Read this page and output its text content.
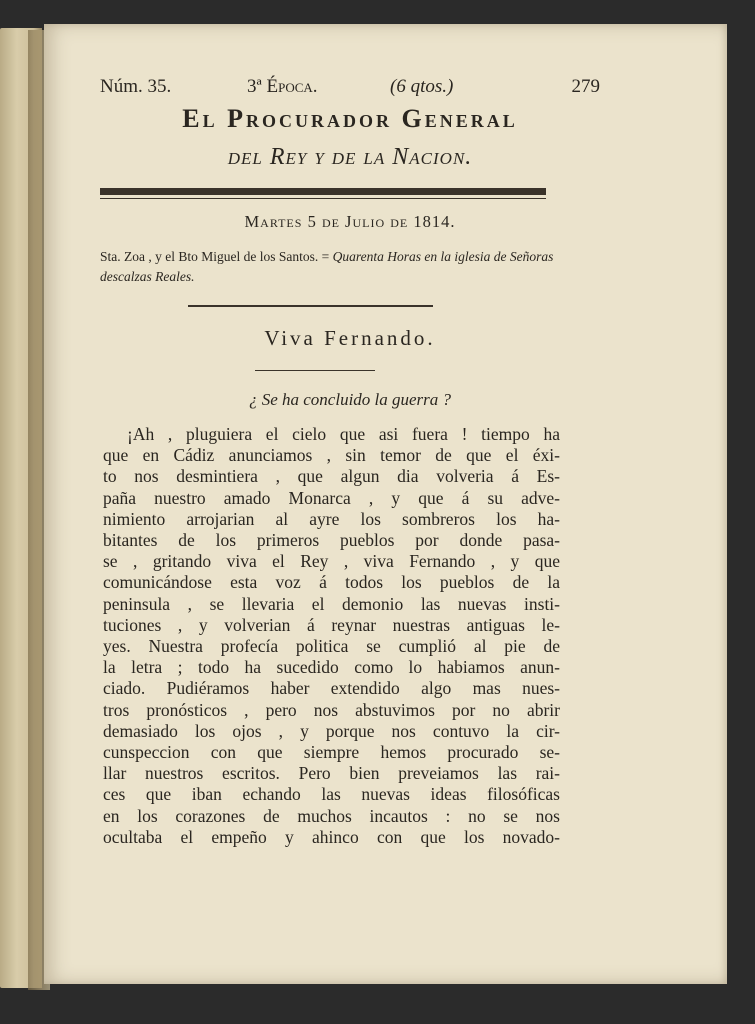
Núm. 35.	3ª Época.	(6 qtos.)	279
El Procurador General
del Rey y de la Nacion.
Martes 5 de Julio de 1814.
Sta. Zoa , y el Bto Miguel de los Santos. = Quarenta Horas en la iglesia de Señoras descalzas Reales.
Viva Fernando.
¿ Se ha concluido la guerra ?
¡Ah , pluguiera el cielo que asi fuera ! tiempo ha
que en Cádiz anunciamos , sin temor de que el éxi-
to nos desmintiera , que algun dia volveria á Es-
paña nuestro amado Monarca , y que á su adve-
nimiento arrojarian al ayre los sombreros los ha-
bitantes de los primeros pueblos por donde pasa-
se , gritando viva el Rey , viva Fernando , y que
comunicándose esta voz á todos los pueblos de la
peninsula , se llevaria el demonio las nuevas insti-
tuciones , y volverian á reynar nuestras antiguas le-
yes. Nuestra profecía politica se cumplió al pie de
la letra ; todo ha sucedido como lo habiamos anun-
ciado. Pudiéramos haber extendido algo mas nues-
tros pronósticos , pero nos abstuvimos por no abrir
demasiado los ojos , y porque nos contuvo la cir-
cunspeccion con que siempre hemos procurado se-
llar nuestros escritos. Pero bien preveiamos las rai-
ces que iban echando las nuevas ideas filosóficas
en los corazones de muchos incautos : no se nos
ocultaba el empeño y ahinco con que los novado-
